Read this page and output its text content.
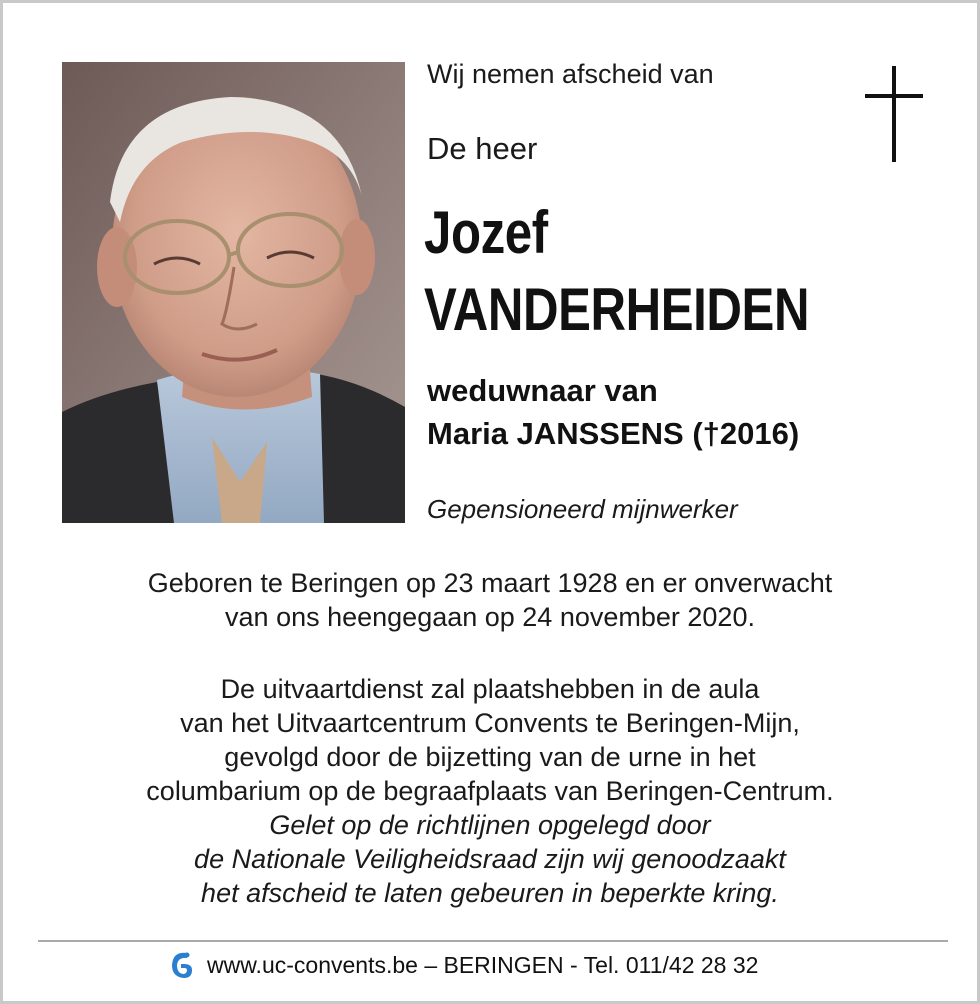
Wij nemen afscheid van
De heer
Jozef
VANDERHEIDEN
weduwnaar van
Maria JANSSENS (†2016)
Gepensioneerd mijnwerker
Geboren te Beringen op 23 maart 1928 en er onverwacht
van ons heengegaan op 24 november 2020.
De uitvaartdienst zal plaatshebben in de aula
van het Uitvaartcentrum Convents te Beringen-Mijn,
gevolgd door de bijzetting van de urne in het
columbarium op de begraafplaats van Beringen-Centrum.
Gelet op de richtlijnen opgelegd door
de Nationale Veiligheidsraad zijn wij genoodzaakt
het afscheid te laten gebeuren in beperkte kring.
www.uc-convents.be – BERINGEN - Tel. 011/42 28 32
